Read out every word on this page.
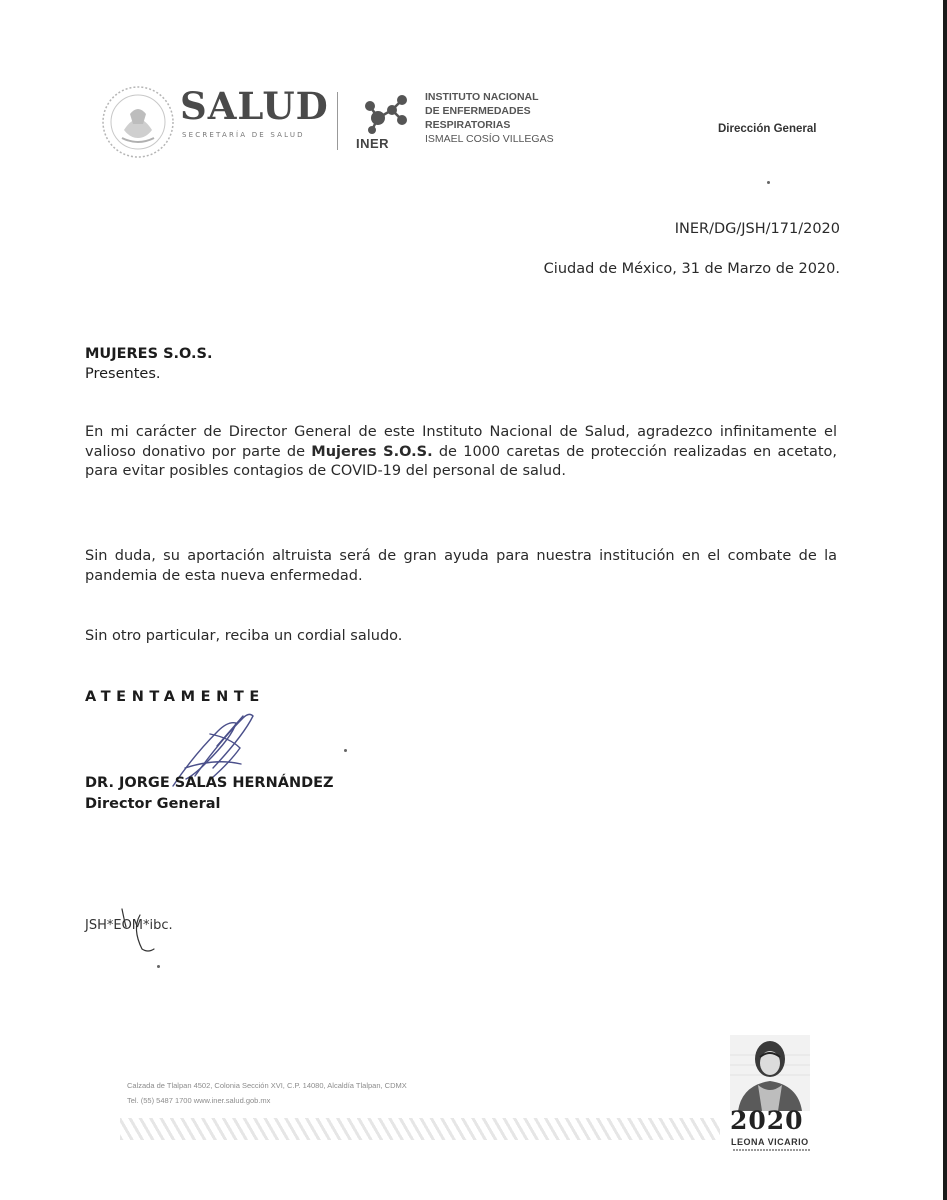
SALUD
SECRETARÍA DE SALUD
INER
INSTITUTO NACIONAL
DE ENFERMEDADES
RESPIRATORIAS
ISMAEL COSÍO VILLEGAS
Dirección General
INER/DG/JSH/171/2020
Ciudad de México, 31 de Marzo de 2020.
MUJERES S.O.S.
Presentes.
En mi carácter de Director General de este Instituto Nacional de Salud, agradezco infinitamente el valioso donativo por parte de Mujeres S.O.S. de 1000 caretas de protección realizadas en acetato, para evitar posibles contagios de COVID-19 del personal de salud.
Sin duda, su aportación altruista será de gran ayuda para nuestra institución en el combate de la pandemia de esta nueva enfermedad.
Sin otro particular, reciba un cordial saludo.
ATENTAMENTE
DR. JORGE SALAS HERNÁNDEZ
Director General
JSH*EOM*ibc.
Calzada de Tlalpan 4502, Colonia Sección XVI, C.P. 14080, Alcaldía Tlalpan, CDMX
Tel. (55) 5487 1700 www.iner.salud.gob.mx
2020
LEONA VICARIO
